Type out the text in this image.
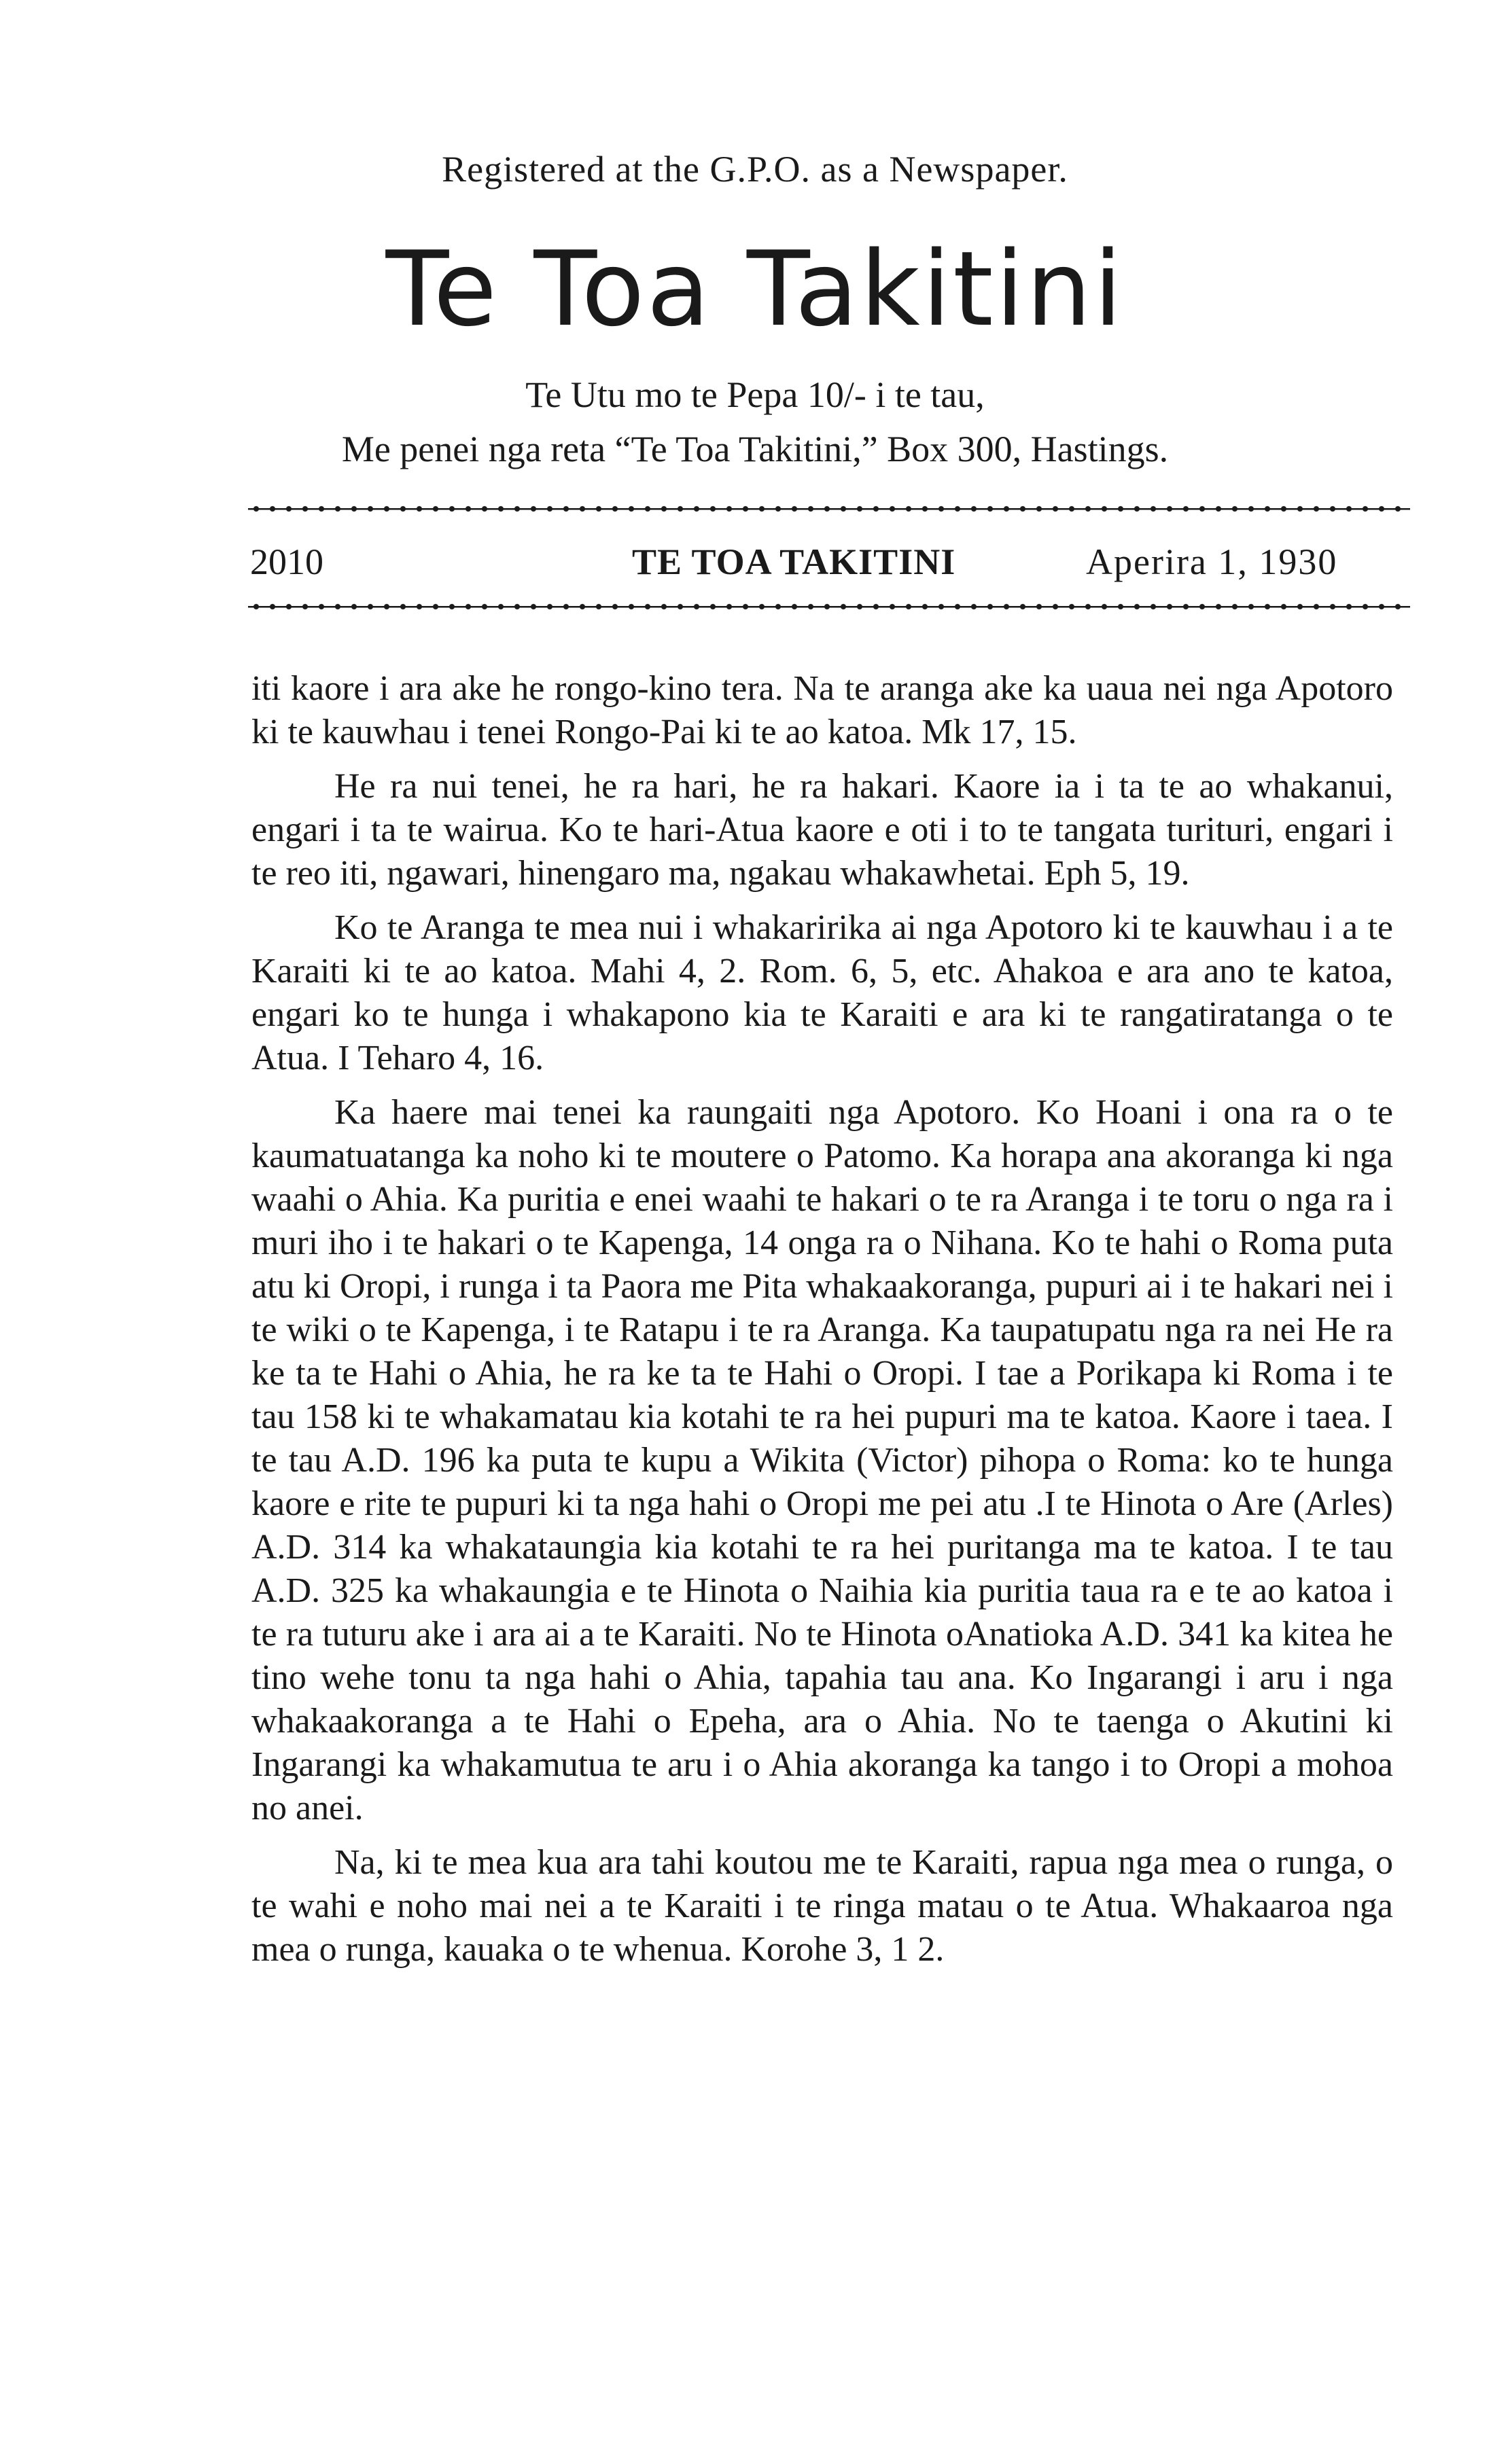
Registered at the G.P.O. as a Newspaper.
Te Toa Takitini
Te Utu mo te Pepa 10/- i te tau,
Me penei nga reta “Te Toa Takitini,” Box 300, Hastings.
2010	TE TOA TAKITINI	Aperira 1, 1930

iti kaore i ara ake he rongo-kino tera. Na te aranga ake ka uaua nei nga Apotoro ki te kauwhau i tenei Rongo-Pai ki te ao katoa. Mk 17, 15.

He ra nui tenei, he ra hari, he ra hakari. Kaore ia i ta te ao whakanui, engari i ta te wairua. Ko te hari-Atua kaore e oti i to te tangata turituri, engari i te reo iti, ngawari, hinengaro ma, ngakau whakawhetai. Eph 5, 19.

Ko te Aranga te mea nui i whakaririka ai nga Apotoro ki te kauwhau i a te Karaiti ki te ao katoa. Mahi 4, 2. Rom. 6, 5, etc. Ahakoa e ara ano te katoa, engari ko te hunga i whakapono kia te Karaiti e ara ki te rangatiratanga o te Atua. I Teharo 4, 16.

Ka haere mai tenei ka raungaiti nga Apotoro. Ko Hoani i ona ra o te kaumatuatanga ka noho ki te moutere o Patomo. Ka horapa ana akoranga ki nga waahi o Ahia. Ka puritia e enei waahi te hakari o te ra Aranga i te toru o nga ra i muri iho i te hakari o te Kapenga, 14 onga ra o Nihana. Ko te hahi o Roma puta atu ki Oropi, i runga i ta Paora me Pita whakaakoranga, pupuri ai i te hakari nei i te wiki o te Kapenga, i te Ratapu i te ra Aranga. Ka taupatupatu nga ra nei He ra ke ta te Hahi o Ahia, he ra ke ta te Hahi o Oropi. I tae a Porikapa ki Roma i te tau 158 ki te whakamatau kia kotahi te ra hei pupuri ma te katoa. Kaore i taea. I te tau A.D. 196 ka puta te kupu a Wikita (Victor) pihopa o Roma: ko te hunga kaore e rite te pupuri ki ta nga hahi o Oropi me pei atu .I te Hinota o Are (Arles) A.D. 314 ka whakataungia kia kotahi te ra hei puritanga ma te katoa. I te tau A.D. 325 ka whakaungia e te Hinota o Naihia kia puritia taua ra e te ao katoa i te ra tuturu ake i ara ai a te Karaiti. No te Hinota oAnatioka A.D. 341 ka kitea he tino wehe tonu ta nga hahi o Ahia, tapahia tau ana. Ko Ingarangi i aru i nga whakaakoranga a te Hahi o Epeha, ara o Ahia. No te taenga o Akutini ki Ingarangi ka whakamutua te aru i o Ahia akoranga ka tango i to Oropi a mohoa no anei.

Na, ki te mea kua ara tahi koutou me te Karaiti, rapua nga mea o runga, o te wahi e noho mai nei a te Karaiti i te ringa matau o te Atua. Whakaaroa nga mea o runga, kauaka o te whenua. Korohe 3, 1 2.
